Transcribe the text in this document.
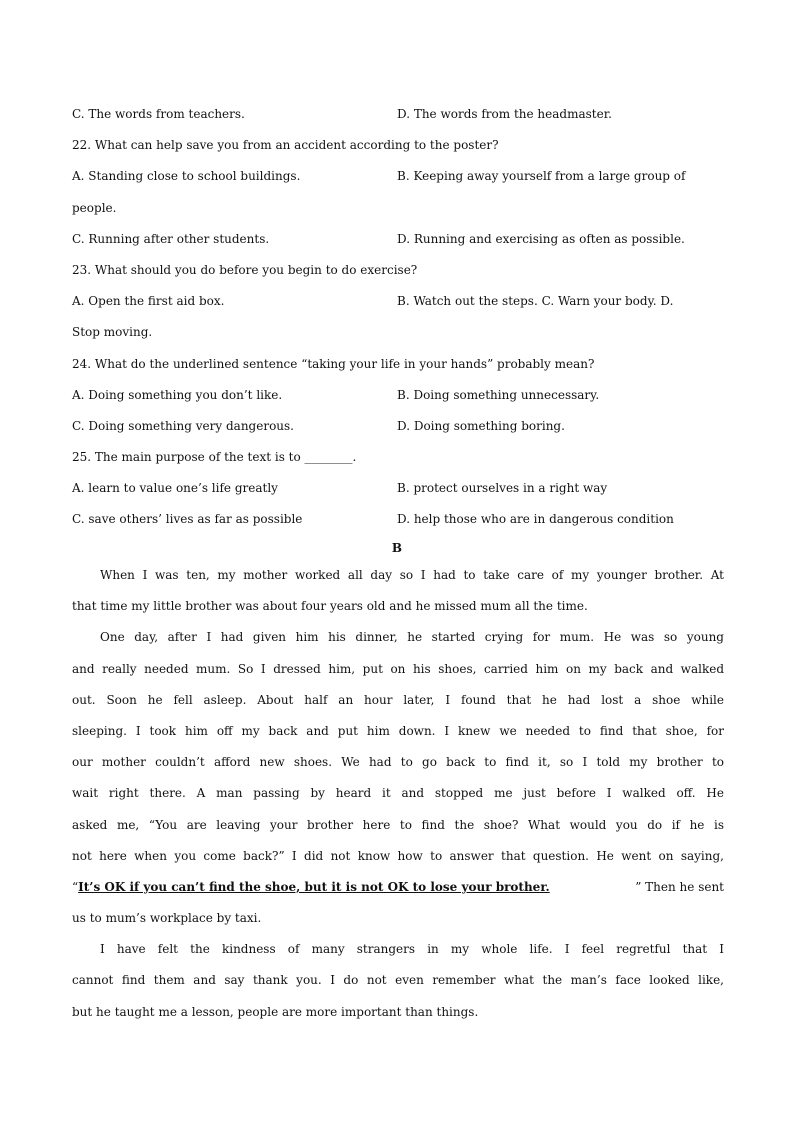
C. The words from teachers.	D. The words from the headmaster.
22. What can help save you from an accident according to the poster?
A. Standing close to school buildings.	B. Keeping away yourself from a large group of
people.
C. Running after other students.	D. Running and exercising as often as possible.
23. What should you do before you begin to do exercise?
A. Open the first aid box.	B. Watch out the steps. C. Warn your body. D.
Stop moving.
24. What do the underlined sentence “taking your life in your hands” probably mean?
A. Doing something you don’t like.	B. Doing something unnecessary.
C. Doing something very dangerous.	D. Doing something boring.
25. The main purpose of the text is to ________.
A. learn to value one’s life greatly	B. protect ourselves in a right way
C. save others’ lives as far as possible	D. help those who are in dangerous condition
B
When I was ten, my mother worked all day so I had to take care of my younger brother. At
that time my little brother was about four years old and he missed mum all the time.
One day, after I had given him his dinner, he started crying for mum. He was so young
and really needed mum. So I dressed him, put on his shoes, carried him on my back and walked
out. Soon he fell asleep. About half an hour later, I found that he had lost a shoe while
sleeping. I took him off my back and put him down. I knew we needed to find that shoe, for
our mother couldn’t afford new shoes. We had to go back to find it, so I told my brother to
wait right there. A man passing by heard it and stopped me just before I walked off. He
asked me, “You are leaving your brother here to find the shoe? What would you do if he is
not here when you come back?” I did not know how to answer that question. He went on saying,
“It’s OK if you can’t find the shoe, but it is not OK to lose your brother.	” Then he sent
us to mum’s workplace by taxi.
I have felt the kindness of many strangers in my whole life. I feel regretful that I
cannot find them and say thank you. I do not even remember what the man’s face looked like,
but he taught me a lesson, people are more important than things.
